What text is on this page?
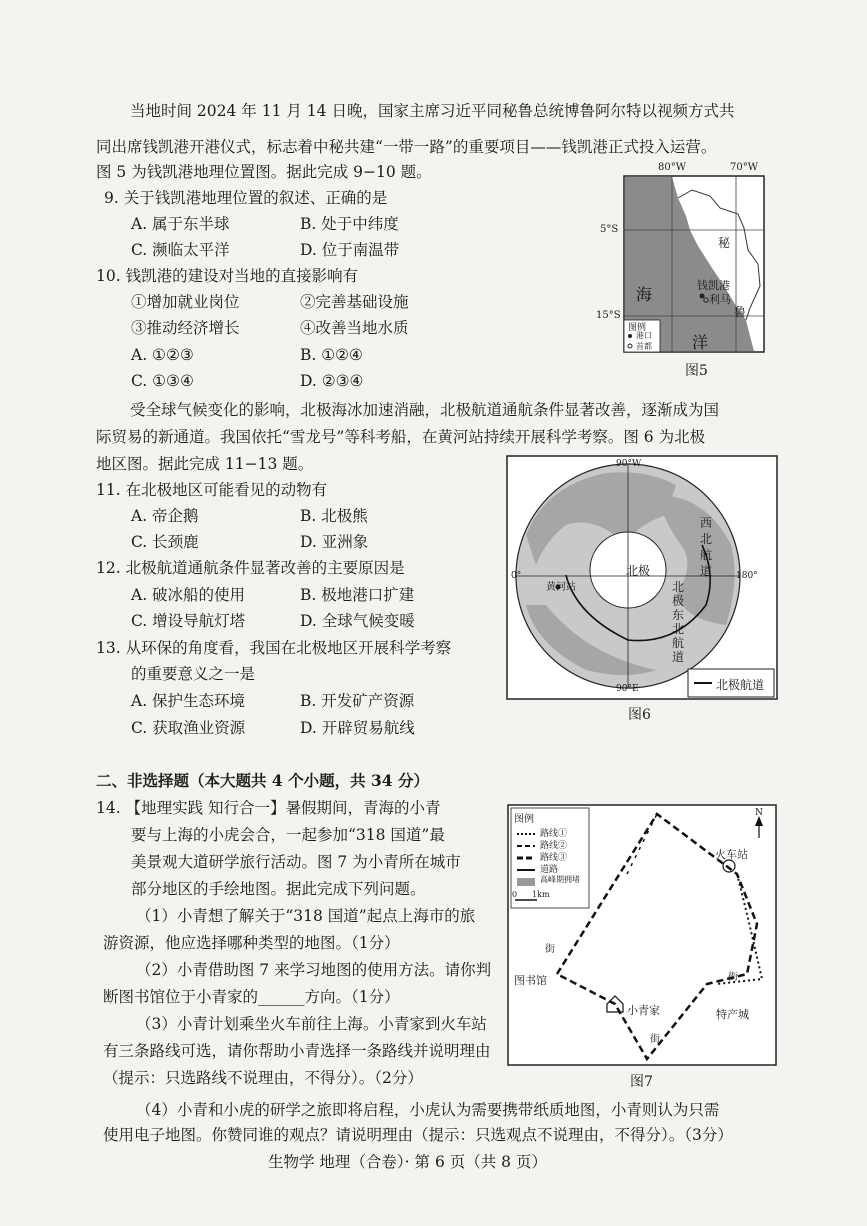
当地时间 2024 年 11 月 14 日晚，国家主席习近平同秘鲁总统博鲁阿尔特以视频方式共
同出席钱凯港开港仪式，标志着中秘共建“一带一路”的重要项目——钱凯港正式投入运营。
图 5 为钱凯港地理位置图。据此完成 9−10 题。
9. 关于钱凯港地理位置的叙述、正确的是
A. 属于东半球	B. 处于中纬度
C. 濒临太平洋	D. 位于南温带
10. 钱凯港的建设对当地的直接影响有
①增加就业岗位	②完善基础设施
③推动经济增长	④改善当地水质
A. ①②③	B. ①②④
C. ①③④	D. ②③④
80°W	70°W
5°S
15°S
秘
鲁
海
洋
钱凯港
利马
图例
港口
首都
图5
受全球气候变化的影响，北极海冰加速消融，北极航道通航条件显著改善，逐渐成为国
际贸易的新通道。我国依托“雪龙号”等科考船，在黄河站持续开展科学考察。图 6 为北极
地区图。据此完成 11−13 题。
11. 在北极地区可能看见的动物有
A. 帝企鹅	B. 北极熊
C. 长颈鹿	D. 亚洲象
12. 北极航道通航条件显著改善的主要原因是
A. 破冰船的使用	B. 极地港口扩建
C. 增设导航灯塔	D. 全球气候变暖
13. 从环保的角度看，我国在北极地区开展科学考察
的重要意义之一是
A. 保护生态环境	B. 开发矿产资源
C. 获取渔业资源	D. 开辟贸易航线
90°W
90°E
0°	180°
北极
黄河站
西北航道
北极东北航道
北极航道
图6
二、非选择题（本大题共 4 个小题，共 34 分）
14. 【地理实践 知行合一】暑假期间，青海的小青
要与上海的小虎会合，一起参加“318 国道”最
美景观大道研学旅行活动。图 7 为小青所在城市
部分地区的手绘地图。据此完成下列问题。
（1）小青想了解关于“318 国道”起点上海市的旅
游资源，他应选择哪种类型的地图。（1分）
（2）小青借助图 7 来学习地图的使用方法。请你判
断图书馆位于小青家的______方向。（1分）
（3）小青计划乘坐火车前往上海。小青家到火车站
有三条路线可选，请你帮助小青选择一条路线并说明理由
（提示：只选路线不说理由，不得分）。（2分）
（4）小青和小虎的研学之旅即将启程，小虎认为需要携带纸质地图，小青则认为只需
使用电子地图。你赞同谁的观点？请说明理由（提示：只选观点不说理由，不得分）。（3分）
图例
路线①
路线②
路线③
道路
高峰期拥堵
0 1km
N
火车站
图书馆
小青家	特产城
街
街
街
图7
生物学 地理（合卷）· 第 6 页（共 8 页）
